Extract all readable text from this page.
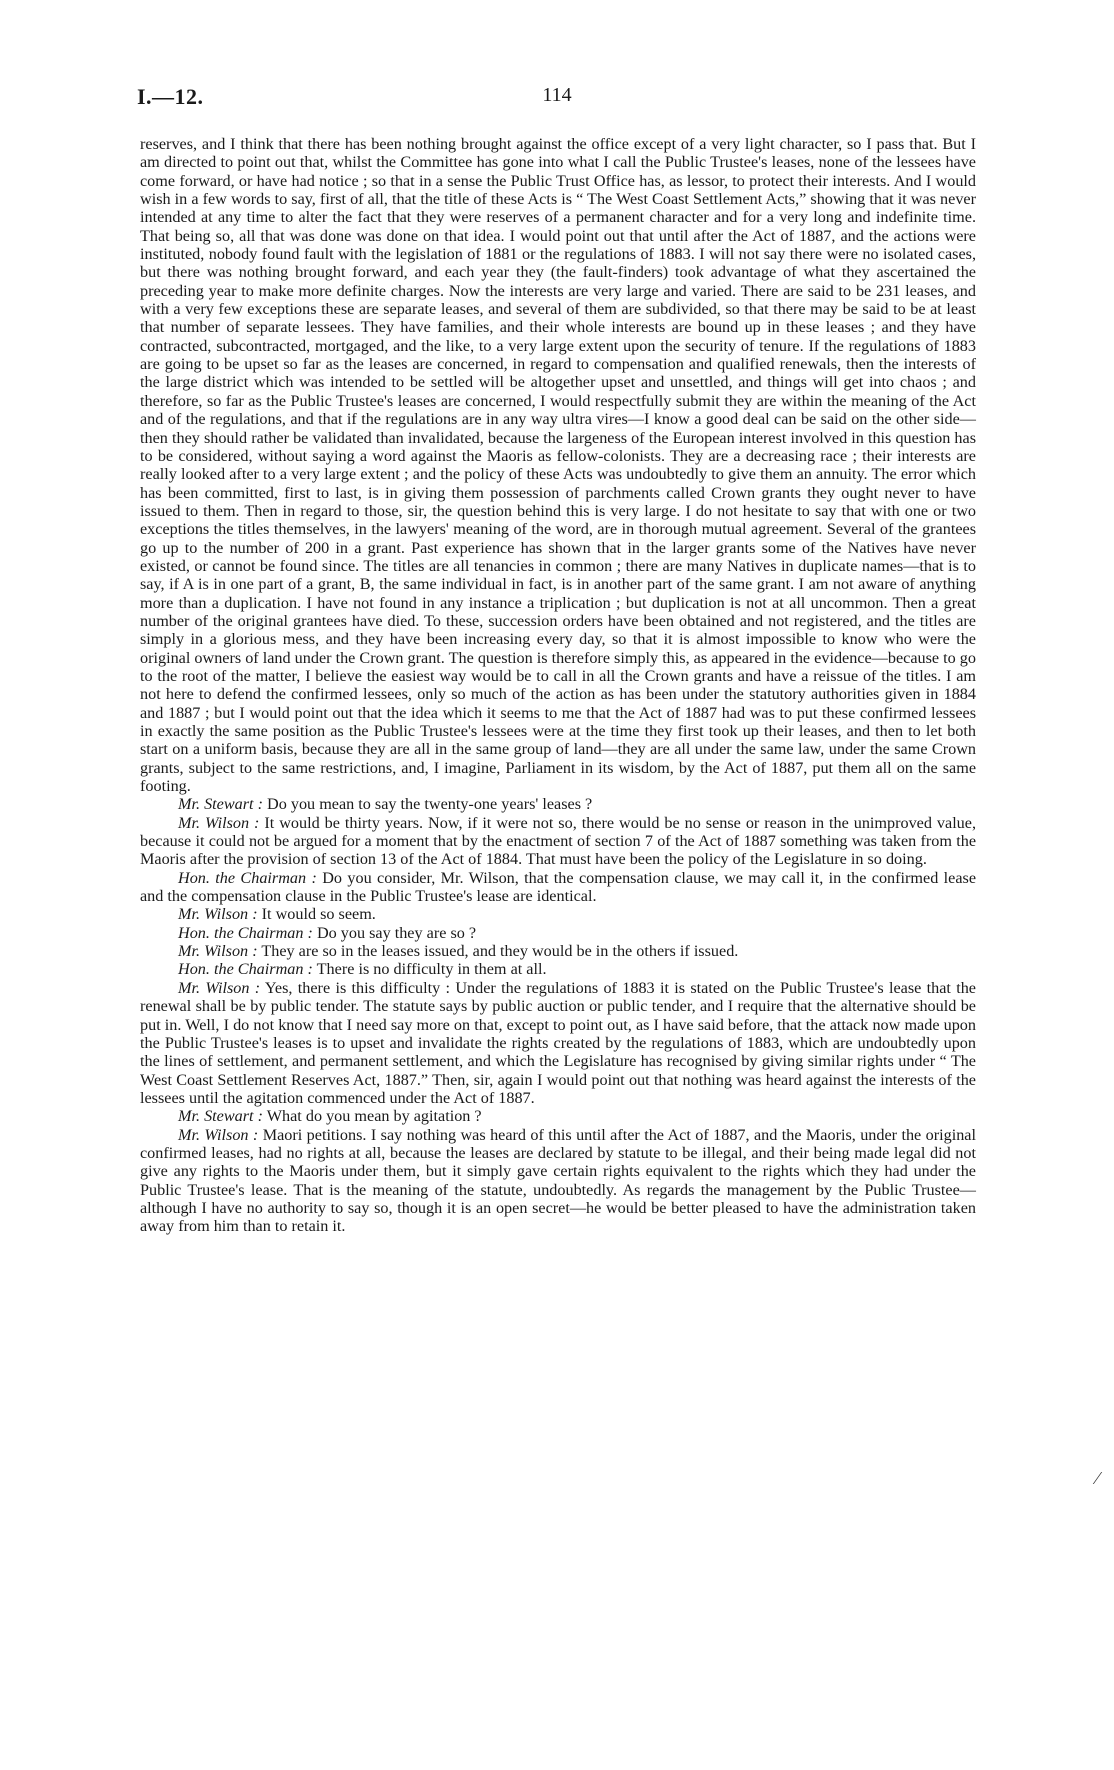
I.—12.	114

reserves, and I think that there has been nothing brought against the office except of a very light character, so I pass that. But I am directed to point out that, whilst the Committee has gone into what I call the Public Trustee's leases, none of the lessees have come forward, or have had notice ; so that in a sense the Public Trust Office has, as lessor, to protect their interests. And I would wish in a few words to say, first of all, that the title of these Acts is “ The West Coast Settlement Acts,” showing that it was never intended at any time to alter the fact that they were reserves of a permanent character and for a very long and indefinite time. That being so, all that was done was done on that idea. I would point out that until after the Act of 1887, and the actions were instituted, nobody found fault with the legislation of 1881 or the regulations of 1883. I will not say there were no isolated cases, but there was nothing brought forward, and each year they (the fault-finders) took advantage of what they ascertained the preceding year to make more definite charges. Now the interests are very large and varied. There are said to be 231 leases, and with a very few exceptions these are separate leases, and several of them are subdivided, so that there may be said to be at least that number of separate lessees. They have families, and their whole interests are bound up in these leases ; and they have contracted, subcontracted, mortgaged, and the like, to a very large extent upon the security of tenure. If the regulations of 1883 are going to be upset so far as the leases are concerned, in regard to compensation and qualified renewals, then the interests of the large district which was intended to be settled will be altogether upset and unsettled, and things will get into chaos ; and therefore, so far as the Public Trustee's leases are concerned, I would respectfully submit they are within the meaning of the Act and of the regulations, and that if the regulations are in any way ultra vires—I know a good deal can be said on the other side—then they should rather be validated than invalidated, because the largeness of the European interest involved in this question has to be considered, without saying a word against the Maoris as fellow-colonists. They are a decreasing race ; their interests are really looked after to a very large extent ; and the policy of these Acts was undoubtedly to give them an annuity. The error which has been committed, first to last, is in giving them possession of parchments called Crown grants they ought never to have issued to them. Then in regard to those, sir, the question behind this is very large. I do not hesitate to say that with one or two exceptions the titles themselves, in the lawyers' meaning of the word, are in thorough mutual agreement. Several of the grantees go up to the number of 200 in a grant. Past experience has shown that in the larger grants some of the Natives have never existed, or cannot be found since. The titles are all tenancies in common ; there are many Natives in duplicate names—that is to say, if A is in one part of a grant, B, the same individual in fact, is in another part of the same grant. I am not aware of anything more than a duplication. I have not found in any instance a triplication ; but duplication is not at all uncommon. Then a great number of the original grantees have died. To these, succession orders have been obtained and not registered, and the titles are simply in a glorious mess, and they have been increasing every day, so that it is almost impossible to know who were the original owners of land under the Crown grant. The question is therefore simply this, as appeared in the evidence—because to go to the root of the matter, I believe the easiest way would be to call in all the Crown grants and have a reissue of the titles. I am not here to defend the confirmed lessees, only so much of the action as has been under the statutory authorities given in 1884 and 1887 ; but I would point out that the idea which it seems to me that the Act of 1887 had was to put these confirmed lessees in exactly the same position as the Public Trustee's lessees were at the time they first took up their leases, and then to let both start on a uniform basis, because they are all in the same group of land—they are all under the same law, under the same Crown grants, subject to the same restrictions, and, I imagine, Parliament in its wisdom, by the Act of 1887, put them all on the same footing.

Mr. Stewart : Do you mean to say the twenty-one years' leases ?

Mr. Wilson : It would be thirty years. Now, if it were not so, there would be no sense or reason in the unimproved value, because it could not be argued for a moment that by the enactment of section 7 of the Act of 1887 something was taken from the Maoris after the provision of section 13 of the Act of 1884. That must have been the policy of the Legislature in so doing.

Hon. the Chairman : Do you consider, Mr. Wilson, that the compensation clause, we may call it, in the confirmed lease and the compensation clause in the Public Trustee's lease are identical.

Mr. Wilson : It would so seem.

Hon. the Chairman : Do you say they are so ?

Mr. Wilson : They are so in the leases issued, and they would be in the others if issued.

Hon. the Chairman : There is no difficulty in them at all.

Mr. Wilson : Yes, there is this difficulty : Under the regulations of 1883 it is stated on the Public Trustee's lease that the renewal shall be by public tender. The statute says by public auction or public tender, and I require that the alternative should be put in. Well, I do not know that I need say more on that, except to point out, as I have said before, that the attack now made upon the Public Trustee's leases is to upset and invalidate the rights created by the regulations of 1883, which are undoubtedly upon the lines of settlement, and permanent settlement, and which the Legislature has recognised by giving similar rights under “ The West Coast Settlement Reserves Act, 1887.” Then, sir, again I would point out that nothing was heard against the interests of the lessees until the agitation commenced under the Act of 1887.

Mr. Stewart : What do you mean by agitation ?

Mr. Wilson : Maori petitions. I say nothing was heard of this until after the Act of 1887, and the Maoris, under the original confirmed leases, had no rights at all, because the leases are declared by statute to be illegal, and their being made legal did not give any rights to the Maoris under them, but it simply gave certain rights equivalent to the rights which they had under the Public Trustee's lease. That is the meaning of the statute, undoubtedly. As regards the management by the Public Trustee—although I have no authority to say so, though it is an open secret—he would be better pleased to have the administration taken away from him than to retain it.

⁄
